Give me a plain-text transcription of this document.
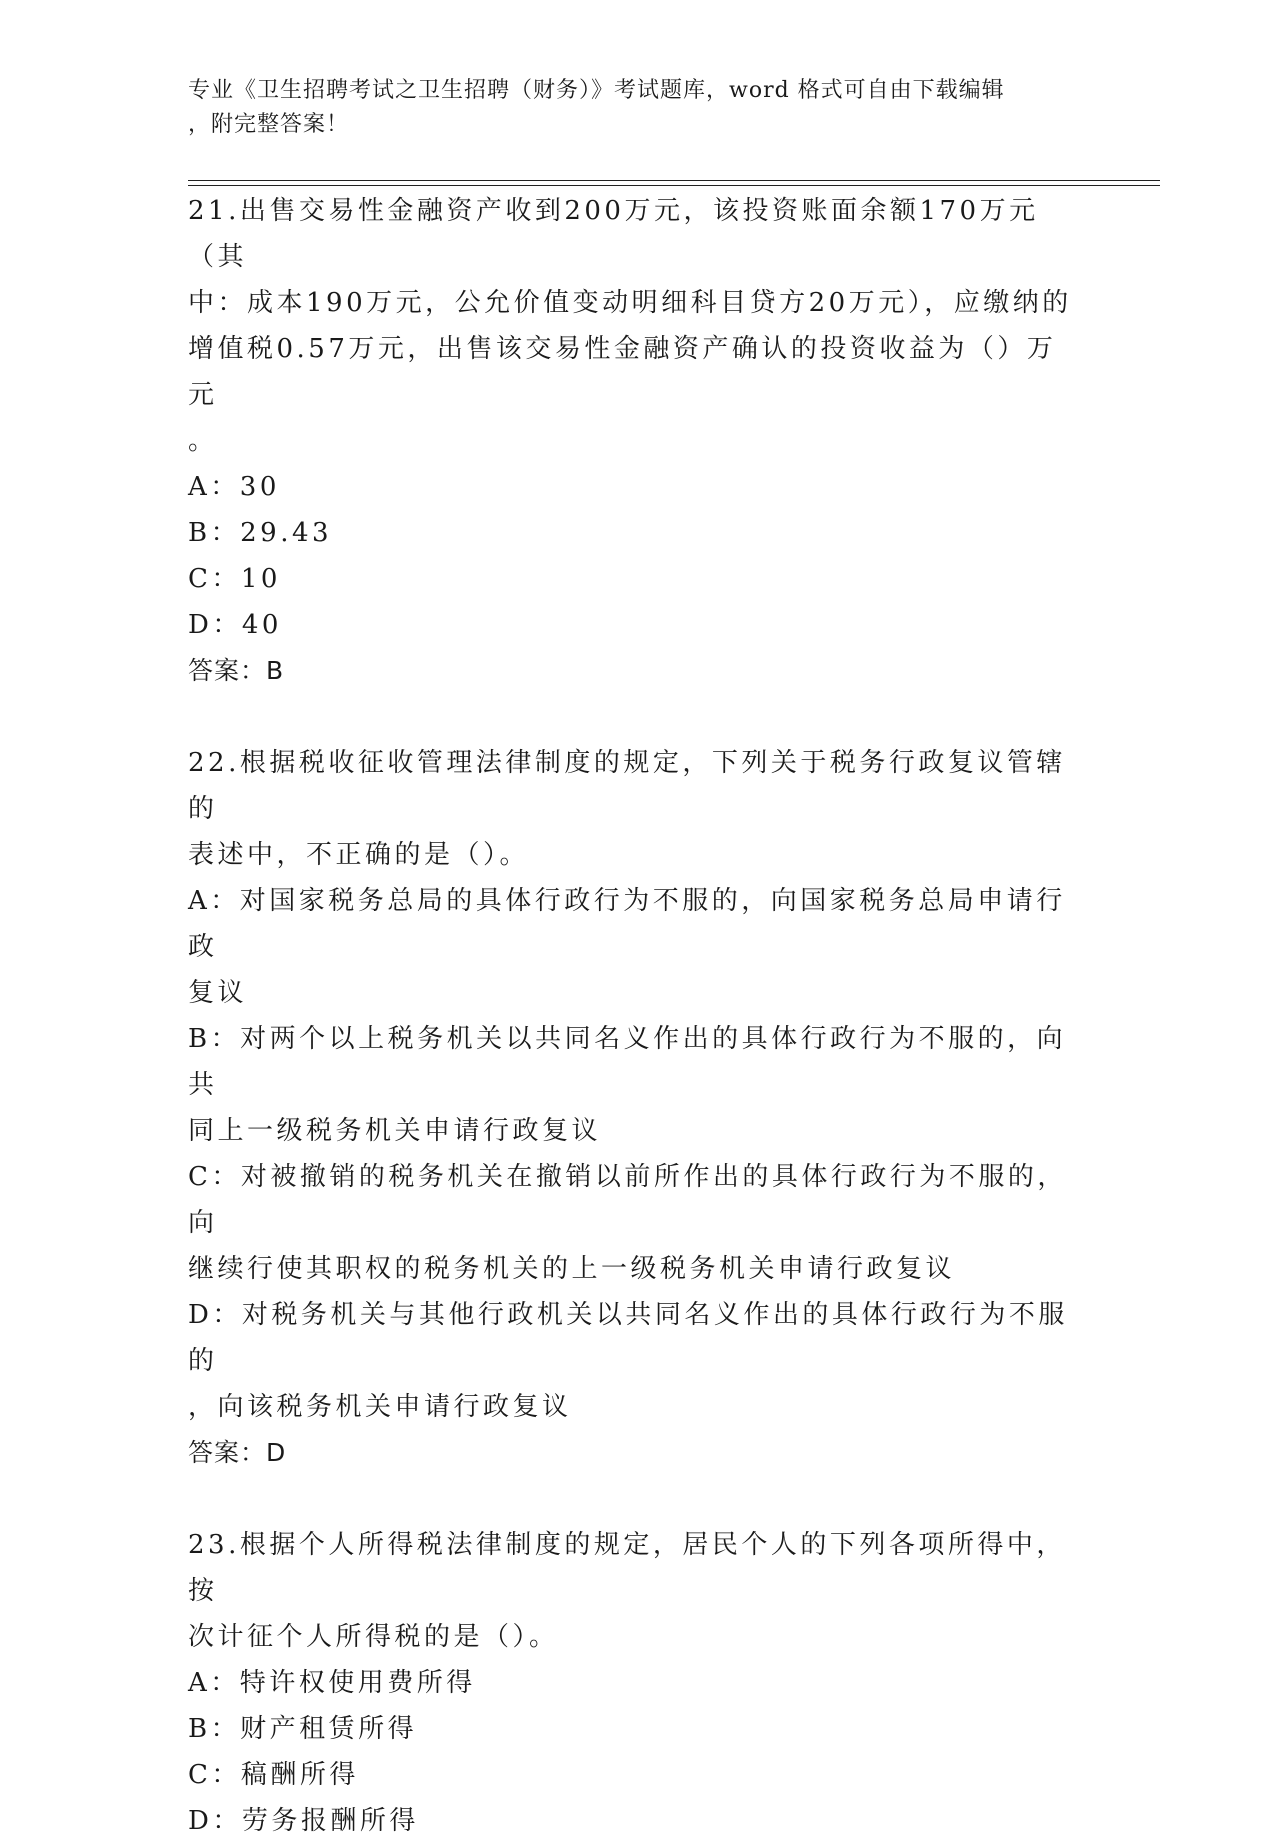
专业《卫生招聘考试之卫生招聘（财务）》考试题库，word 格式可自由下载编辑
，附完整答案！

21.出售交易性金融资产收到200万元，该投资账面余额170万元（其

中：成本190万元，公允价值变动明细科目贷方20万元），应缴纳的

增值税0.57万元，出售该交易性金融资产确认的投资收益为（）万元

。

A：30

B：29.43

C：10

D：40

答案：B

22.根据税收征收管理法律制度的规定，下列关于税务行政复议管辖的

表述中，不正确的是（）。

A：对国家税务总局的具体行政行为不服的，向国家税务总局申请行政

复议

B：对两个以上税务机关以共同名义作出的具体行政行为不服的，向共

同上一级税务机关申请行政复议

C：对被撤销的税务机关在撤销以前所作出的具体行政行为不服的，向

继续行使其职权的税务机关的上一级税务机关申请行政复议

D：对税务机关与其他行政机关以共同名义作出的具体行政行为不服的

，向该税务机关申请行政复议

答案：D

23.根据个人所得税法律制度的规定，居民个人的下列各项所得中，按

次计征个人所得税的是（）。

A：特许权使用费所得

B：财产租赁所得

C：稿酬所得

D：劳务报酬所得
